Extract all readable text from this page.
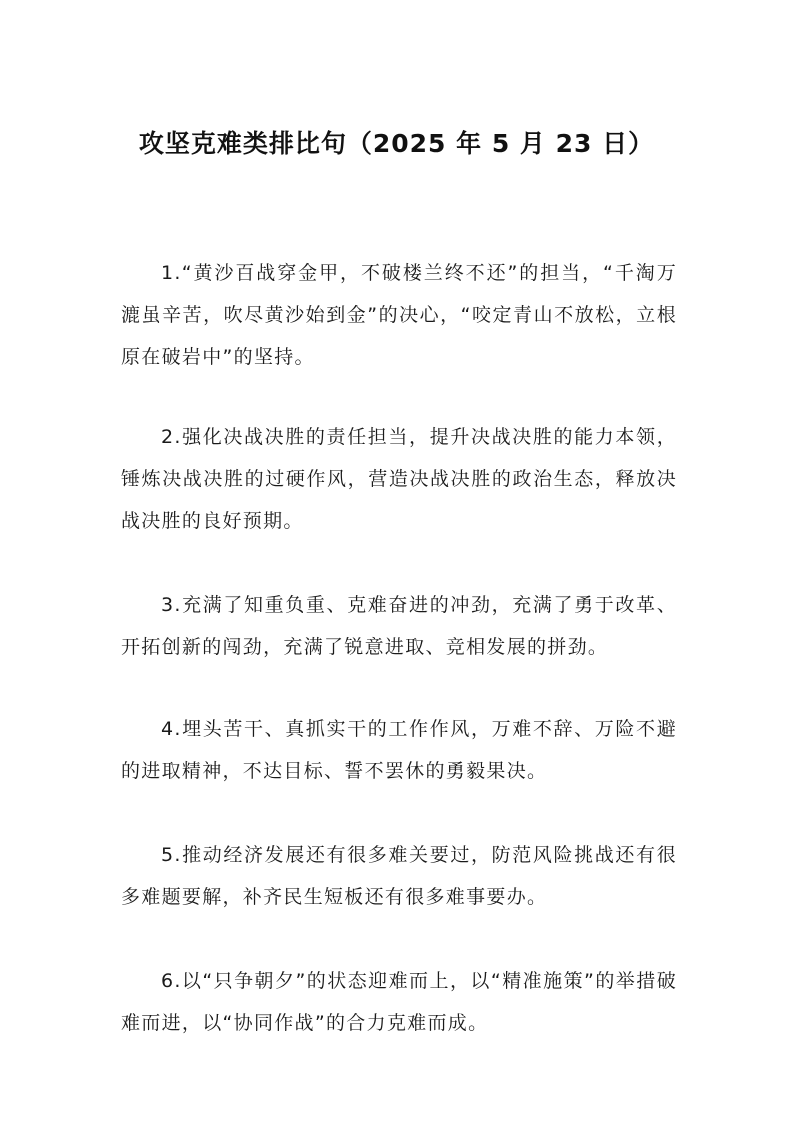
攻坚克难类排比句（2025 年 5 月 23 日）

1.“黄沙百战穿金甲，不破楼兰终不还”的担当，“千淘万漉虽辛苦，吹尽黄沙始到金”的决心，“咬定青山不放松，立根原在破岩中”的坚持。

2.强化决战决胜的责任担当，提升决战决胜的能力本领，锤炼决战决胜的过硬作风，营造决战决胜的政治生态，释放决战决胜的良好预期。

3.充满了知重负重、克难奋进的冲劲，充满了勇于改革、开拓创新的闯劲，充满了锐意进取、竞相发展的拼劲。

4.埋头苦干、真抓实干的工作作风，万难不辞、万险不避的进取精神，不达目标、誓不罢休的勇毅果决。

5.推动经济发展还有很多难关要过，防范风险挑战还有很多难题要解，补齐民生短板还有很多难事要办。

6.以“只争朝夕”的状态迎难而上，以“精准施策”的举措破难而进，以“协同作战”的合力克难而成。
